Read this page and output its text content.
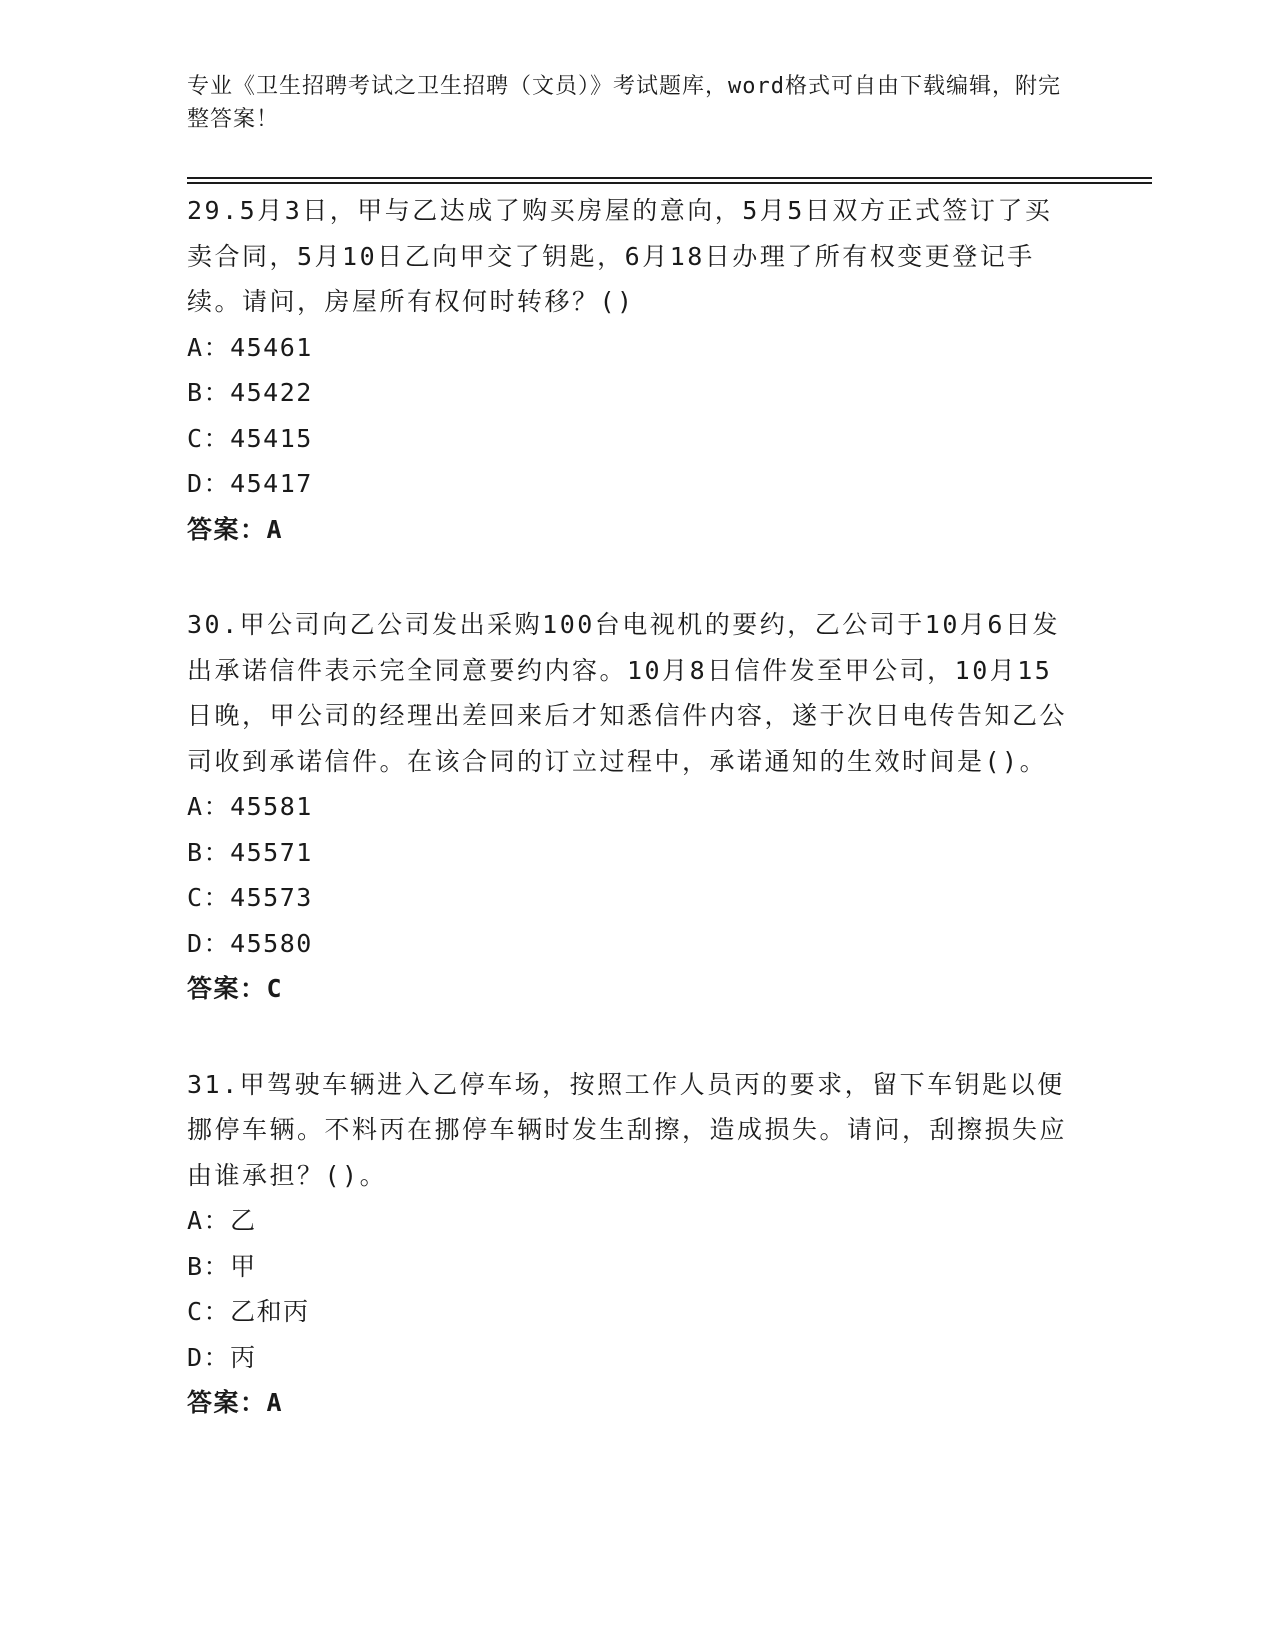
专业《卫生招聘考试之卫生招聘（文员）》考试题库，word格式可自由下载编辑，附完整答案！
29.5月3日，甲与乙达成了购买房屋的意向，5月5日双方正式签订了买卖合同，5月10日乙向甲交了钥匙，6月18日办理了所有权变更登记手续。请问，房屋所有权何时转移？()
A：45461
B：45422
C：45415
D：45417
答案：A
30.甲公司向乙公司发出采购100台电视机的要约，乙公司于10月6日发出承诺信件表示完全同意要约内容。10月8日信件发至甲公司，10月15日晚，甲公司的经理出差回来后才知悉信件内容，遂于次日电传告知乙公司收到承诺信件。在该合同的订立过程中，承诺通知的生效时间是()。
A：45581
B：45571
C：45573
D：45580
答案：C
31.甲驾驶车辆进入乙停车场，按照工作人员丙的要求，留下车钥匙以便挪停车辆。不料丙在挪停车辆时发生刮擦，造成损失。请问，刮擦损失应由谁承担？()。
A：乙
B：甲
C：乙和丙
D：丙
答案：A
